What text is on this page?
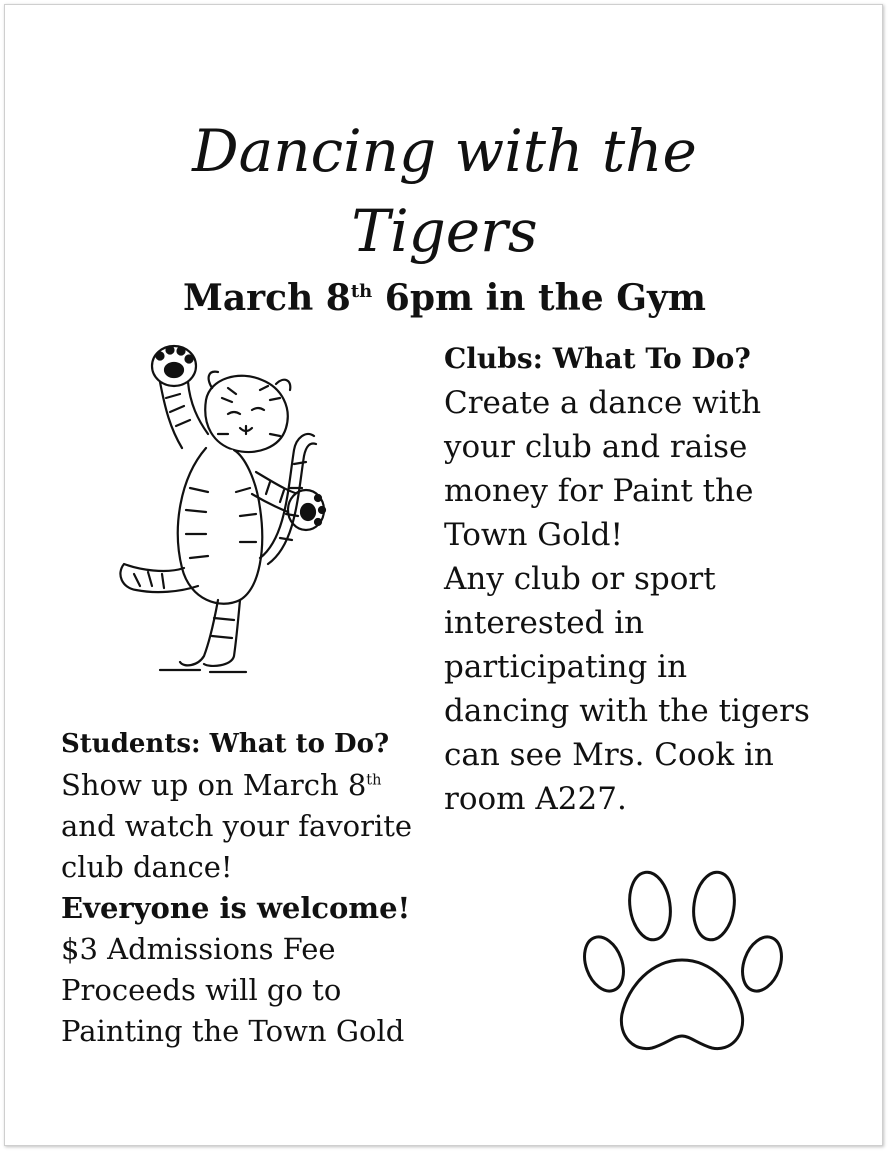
Dancing with the
Tigers
March 8th 6pm in the Gym
Clubs: What To Do?
Create a dance with
your club and raise
money for Paint the
Town Gold!
Any club or sport
interested in
participating in
dancing with the tigers
can see Mrs. Cook in
room A227.
Students: What to Do?
Show up on March 8th
and watch your favorite
club dance!
Everyone is welcome!
$3 Admissions Fee
Proceeds will go to
Painting the Town Gold
